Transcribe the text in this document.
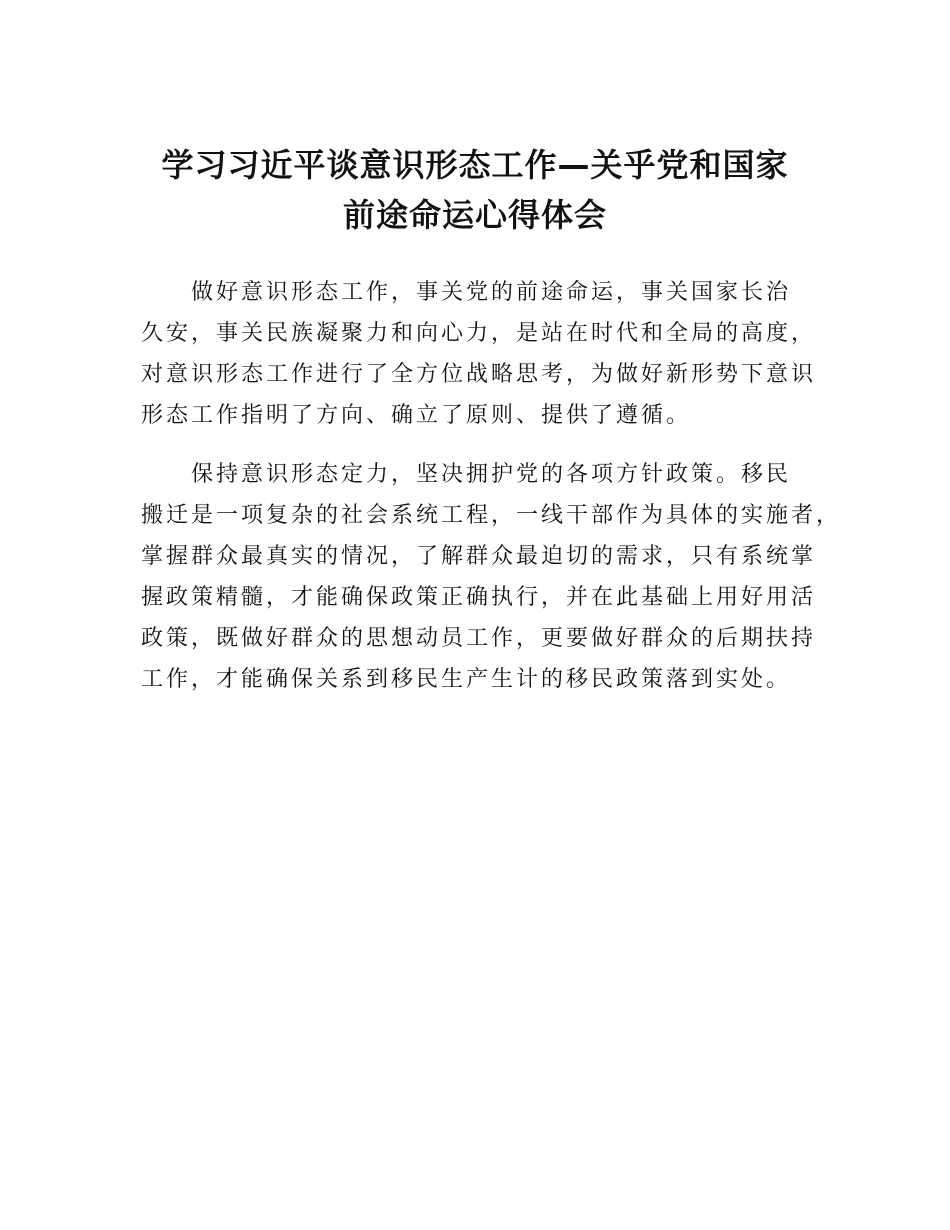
学习习近平谈意识形态工作—关乎党和国家
前途命运心得体会

做好意识形态工作，事关党的前途命运，事关国家长治
久安，事关民族凝聚力和向心力，是站在时代和全局的高度，
对意识形态工作进行了全方位战略思考，为做好新形势下意识
形态工作指明了方向、确立了原则、提供了遵循。

保持意识形态定力，坚决拥护党的各项方针政策。移民
搬迁是一项复杂的社会系统工程，一线干部作为具体的实施者，
掌握群众最真实的情况，了解群众最迫切的需求，只有系统掌
握政策精髓，才能确保政策正确执行，并在此基础上用好用活
政策，既做好群众的思想动员工作，更要做好群众的后期扶持
工作，才能确保关系到移民生产生计的移民政策落到实处。
